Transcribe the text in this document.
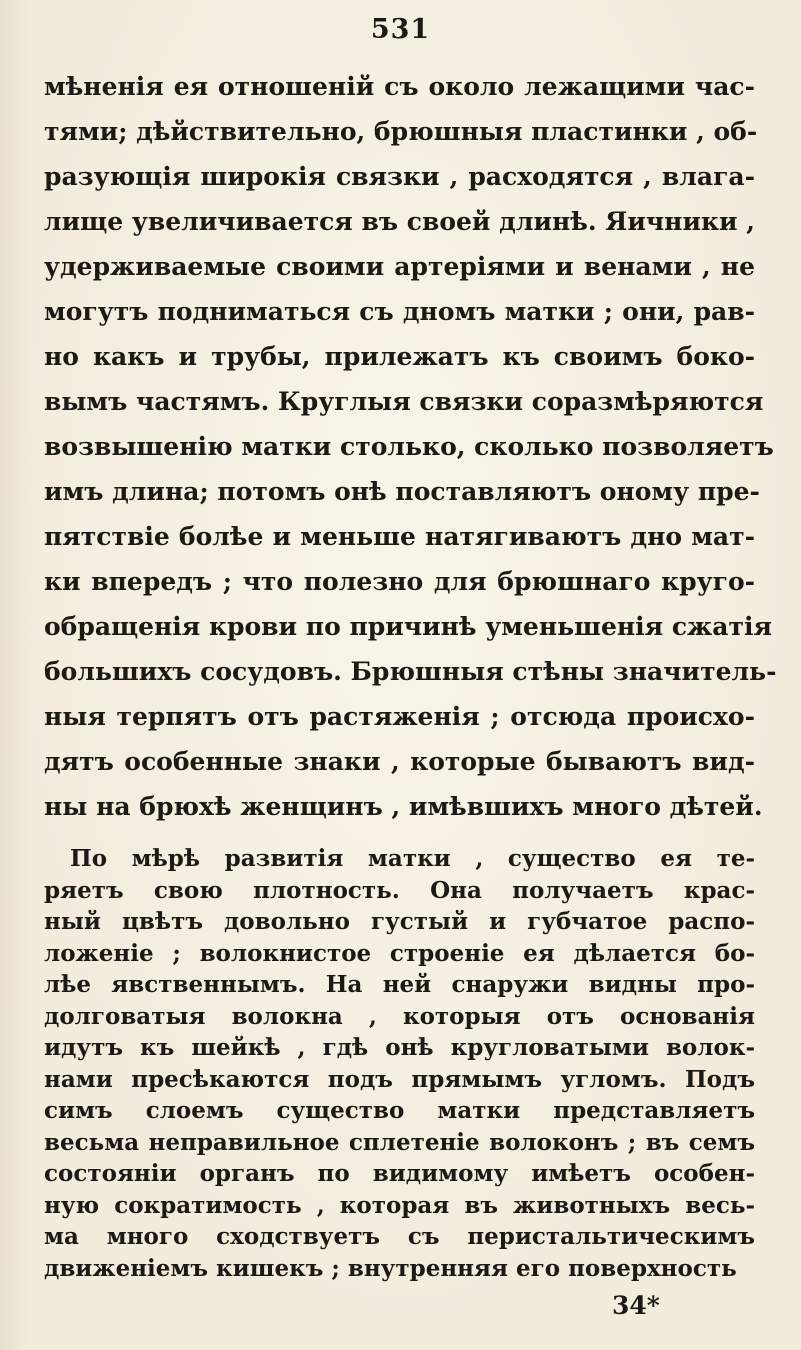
531
мѣненія ея отношеній съ около лежащими час-
тями; дѣйствительно, брюшныя пластинки , об-
разующія широкія связки , расходятся , влага-
лище увеличивается въ своей длинѣ. Яичники ,
удерживаемые своими артеріями и венами , не
могутъ подниматься съ дномъ матки ; они, рав-
но какъ и трубы, прилежатъ къ своимъ боко-
вымъ частямъ. Круглыя связки соразмѣряются
возвышенію матки столько, сколько позволяетъ
имъ длина; потомъ онѣ поставляютъ оному пре-
пятствіе болѣе и меньше натягиваютъ дно мат-
ки впередъ ; что полезно для брюшнаго круго-
обращенія крови по причинѣ уменьшенія сжатія
большихъ сосудовъ. Брюшныя стѣны значитель-
ныя терпятъ отъ растяженія ; отсюда происхо-
дятъ особенные знаки , которые бываютъ вид-
ны на брюхѣ женщинъ , имѣвшихъ много дѣтей.
По мѣрѣ развитія матки , существо ея те-
ряетъ свою плотность. Она получаетъ крас-
ный цвѣтъ довольно густый и губчатое распо-
ложеніе ; волокнистое строеніе ея дѣлается бо-
лѣе явственнымъ. На ней снаружи видны про-
долговатыя волокна , которыя отъ основанія
идутъ къ шейкѣ , гдѣ онѣ кругловатыми волок-
нами пресѣкаются подъ прямымъ угломъ. Подъ
симъ слоемъ существо матки представляетъ
весьма неправильное сплетеніе волоконъ ; въ семъ
состояніи органъ по видимому имѣетъ особен-
ную сократимость , которая въ животныхъ весь-
ма много сходствуетъ съ перистальтическимъ
движеніемъ кишекъ ; внутренняя его поверхность
34*
